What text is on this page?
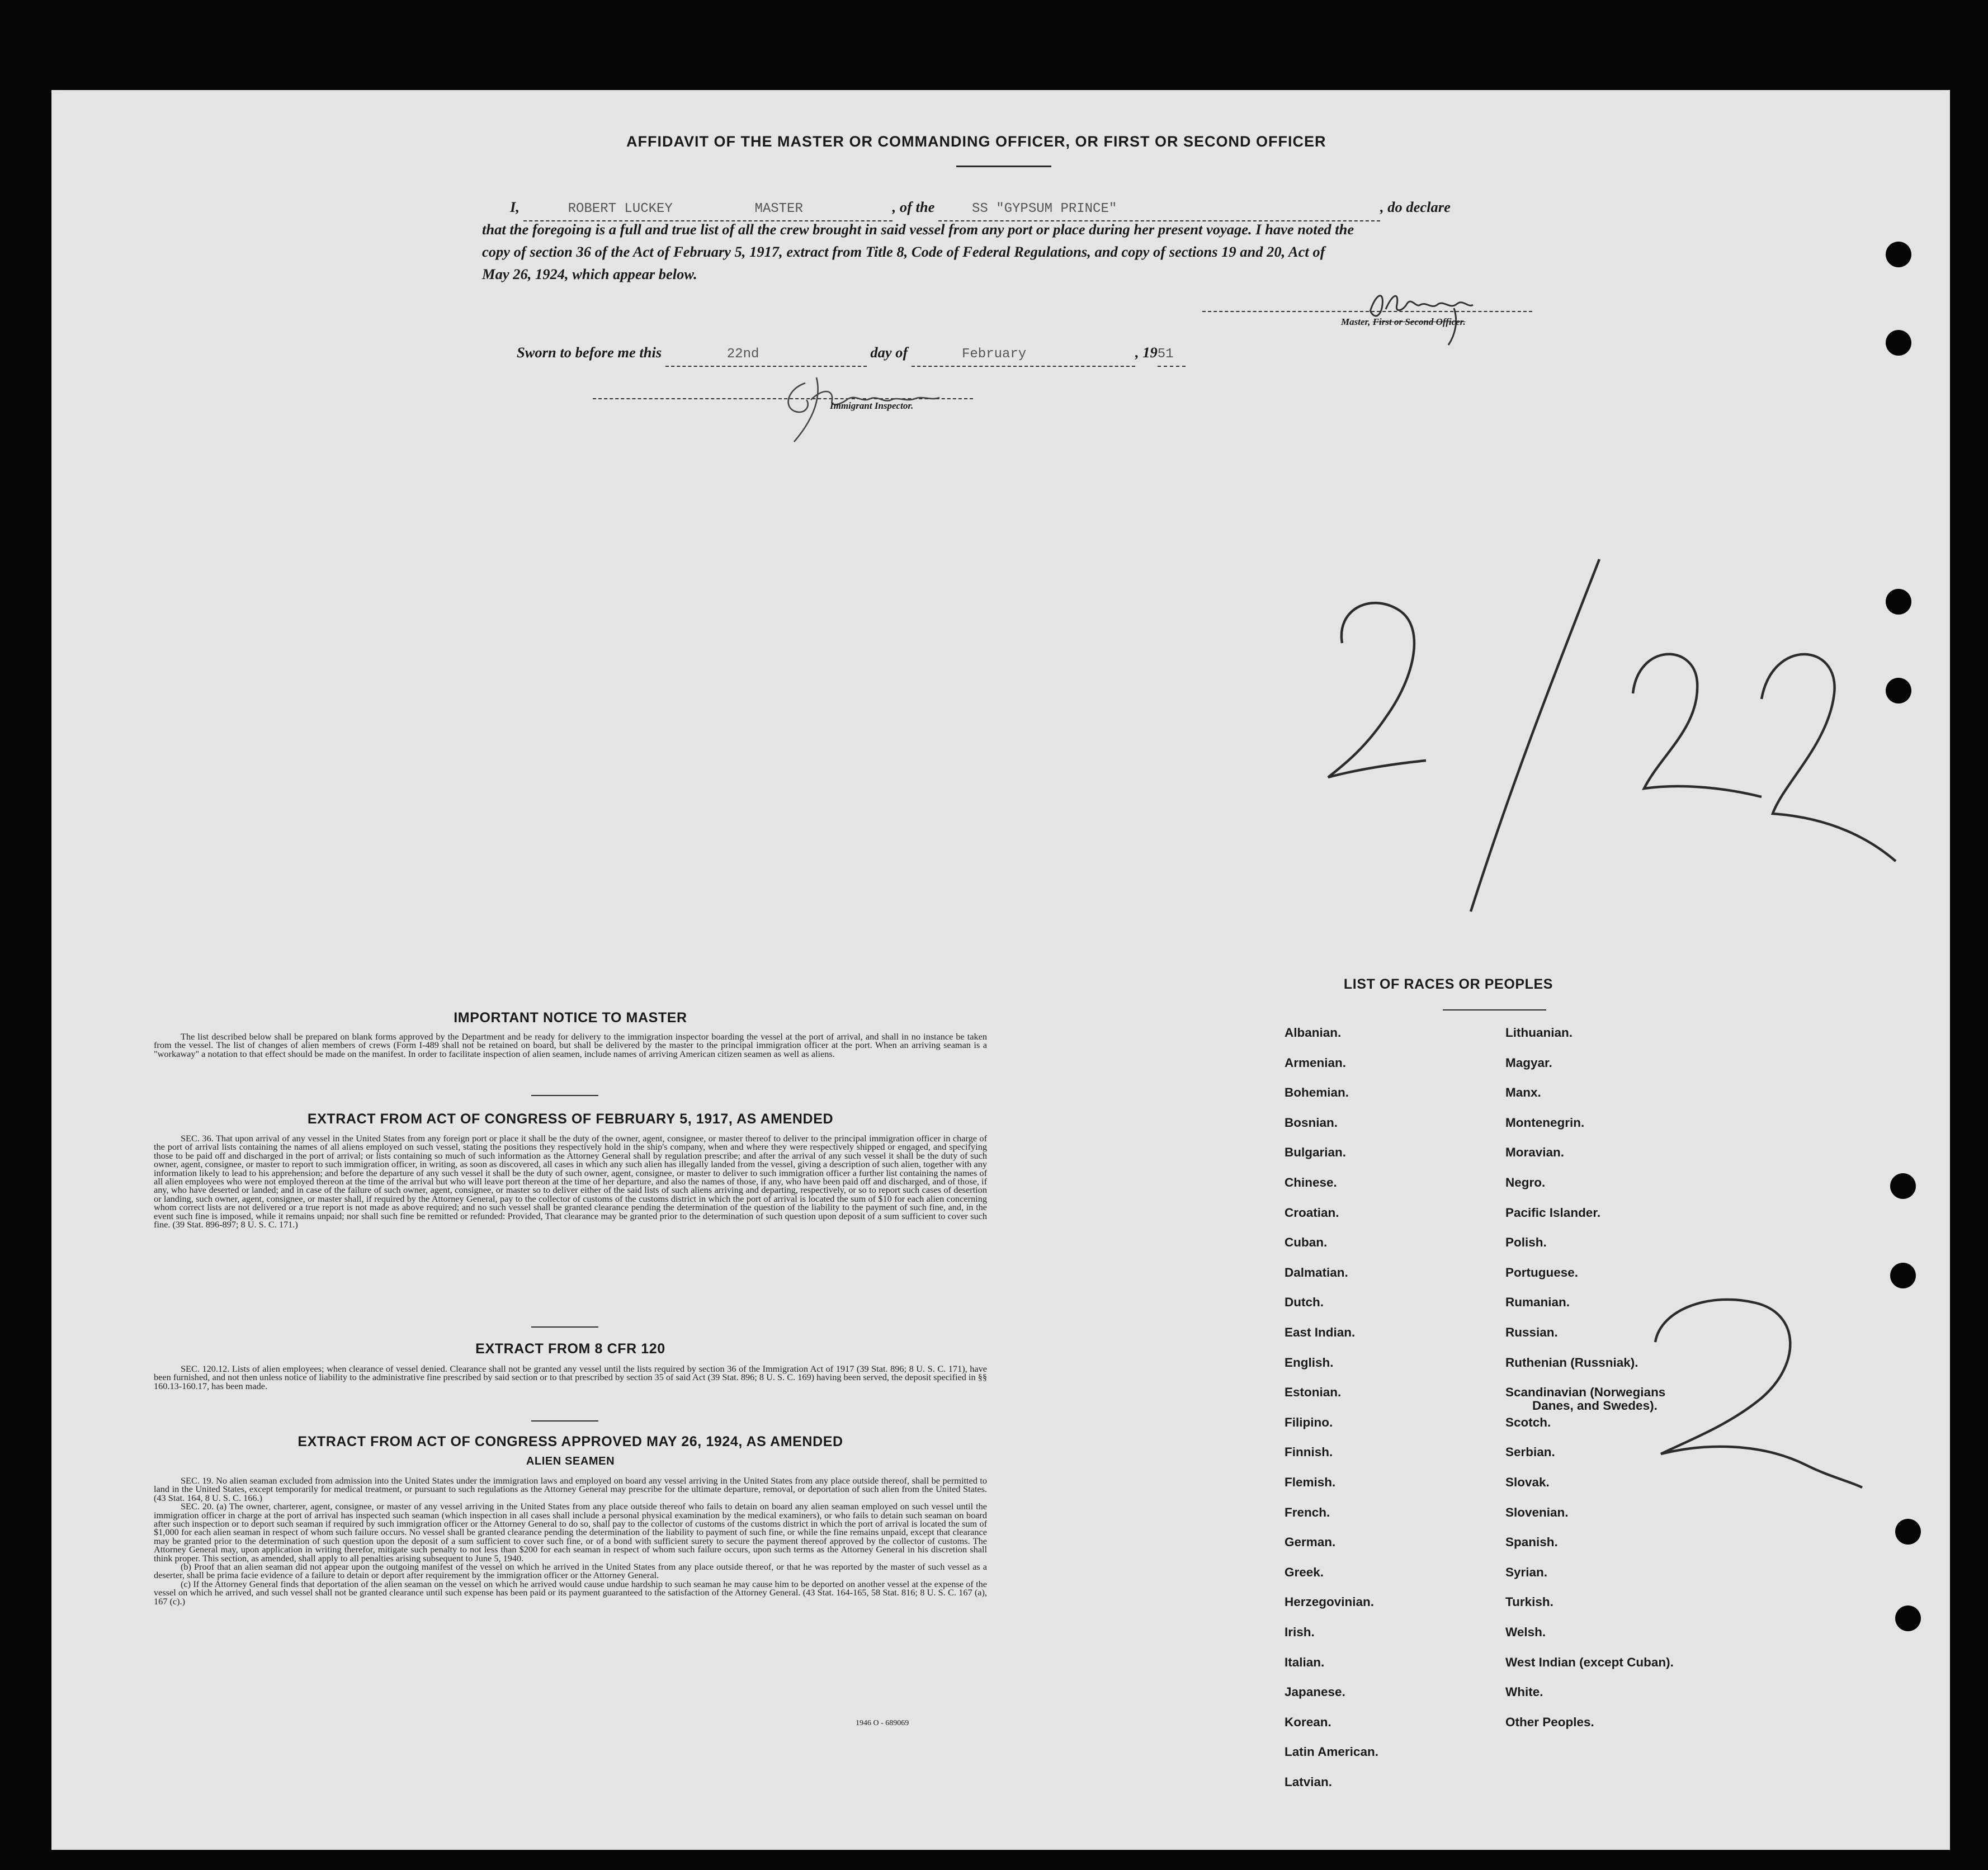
AFFIDAVIT OF THE MASTER OR COMMANDING OFFICER, OR FIRST OR SECOND OFFICER
I,	ROBERT LUCKEY	MASTER	, of the	SS "GYPSUM PRINCE"	, do declare
that the foregoing is a full and true list of all the crew brought in said vessel from any port or place during her present voyage. I have noted the
copy of section 36 of the Act of February 5, 1917, extract from Title 8, Code of Federal Regulations, and copy of sections 19 and 20, Act of
May 26, 1924, which appear below.
Master, First or Second Officer.
Sworn to before me this	22nd	day of	February	, 1951
Immigrant Inspector.
IMPORTANT NOTICE TO MASTER

The list described below shall be prepared on blank forms approved by the Department and be ready for delivery to the immigration inspector boarding the vessel at the port of arrival, and shall in no instance be taken from the vessel. The list of changes of alien members of crews (Form I-489 shall not be retained on board, but shall be delivered by the master to the principal immigration officer at the port. When an arriving seaman is a "workaway" a notation to that effect should be made on the manifest. In order to facilitate inspection of alien seamen, include names of arriving American citizen seamen as well as aliens.

EXTRACT FROM ACT OF CONGRESS OF FEBRUARY 5, 1917, AS AMENDED

SEC. 36. That upon arrival of any vessel in the United States from any foreign port or place it shall be the duty of the owner, agent, consignee, or master thereof to deliver to the principal immigration officer in charge of the port of arrival lists containing the names of all aliens employed on such vessel, stating the positions they respectively hold in the ship's company, when and where they were respectively shipped or engaged, and specifying those to be paid off and discharged in the port of arrival; or lists containing so much of such information as the Attorney General shall by regulation prescribe; and after the arrival of any such vessel it shall be the duty of such owner, agent, consignee, or master to report to such immigration officer, in writing, as soon as discovered, all cases in which any such alien has illegally landed from the vessel, giving a description of such alien, together with any information likely to lead to his apprehension; and before the departure of any such vessel it shall be the duty of such owner, agent, consignee, or master to deliver to such immigration officer a further list containing the names of all alien employees who were not employed thereon at the time of the arrival but who will leave port thereon at the time of her departure, and also the names of those, if any, who have been paid off and discharged, and of those, if any, who have deserted or landed; and in case of the failure of such owner, agent, consignee, or master so to deliver either of the said lists of such aliens arriving and departing, respectively, or so to report such cases of desertion or landing, such owner, agent, consignee, or master shall, if required by the Attorney General, pay to the collector of customs of the customs district in which the port of arrival is located the sum of $10 for each alien concerning whom correct lists are not delivered or a true report is not made as above required; and no such vessel shall be granted clearance pending the determination of the question of the liability to the payment of such fine, and, in the event such fine is imposed, while it remains unpaid; nor shall such fine be remitted or refunded: Provided, That clearance may be granted prior to the determination of such question upon deposit of a sum sufficient to cover such fine. (39 Stat. 896-897; 8 U. S. C. 171.)

EXTRACT FROM 8 CFR 120

SEC. 120.12. Lists of alien employees; when clearance of vessel denied. Clearance shall not be granted any vessel until the lists required by section 36 of the Immigration Act of 1917 (39 Stat. 896; 8 U. S. C. 171), have been furnished, and not then unless notice of liability to the administrative fine prescribed by said section or to that prescribed by section 35 of said Act (39 Stat. 896; 8 U. S. C. 169) having been served, the deposit specified in §§ 160.13-160.17, has been made.

EXTRACT FROM ACT OF CONGRESS APPROVED MAY 26, 1924, AS AMENDED
ALIEN SEAMEN

SEC. 19. No alien seaman excluded from admission into the United States under the immigration laws and employed on board any vessel arriving in the United States from any place outside thereof, shall be permitted to land in the United States, except temporarily for medical treatment, or pursuant to such regulations as the Attorney General may prescribe for the ultimate departure, removal, or deportation of such alien from the United States. (43 Stat. 164, 8 U. S. C. 166.)

SEC. 20. (a) The owner, charterer, agent, consignee, or master of any vessel arriving in the United States from any place outside thereof who fails to detain on board any alien seaman employed on such vessel until the immigration officer in charge at the port of arrival has inspected such seaman (which inspection in all cases shall include a personal physical examination by the medical examiners), or who fails to detain such seaman on board after such inspection or to deport such seaman if required by such immigration officer or the Attorney General to do so, shall pay to the collector of customs of the customs district in which the port of arrival is located the sum of $1,000 for each alien seaman in respect of whom such failure occurs. No vessel shall be granted clearance pending the determination of the liability to payment of such fine, or while the fine remains unpaid, except that clearance may be granted prior to the determination of such question upon the deposit of a sum sufficient to cover such fine, or of a bond with sufficient surety to secure the payment thereof approved by the collector of customs. The Attorney General may, upon application in writing therefor, mitigate such penalty to not less than $200 for each seaman in respect of whom such failure occurs, upon such terms as the Attorney General in his discretion shall think proper. This section, as amended, shall apply to all penalties arising subsequent to June 5, 1940.

(b) Proof that an alien seaman did not appear upon the outgoing manifest of the vessel on which he arrived in the United States from any place outside thereof, or that he was reported by the master of such vessel as a deserter, shall be prima facie evidence of a failure to detain or deport after requirement by the immigration officer or the Attorney General.

(c) If the Attorney General finds that deportation of the alien seaman on the vessel on which he arrived would cause undue hardship to such seaman he may cause him to be deported on another vessel at the expense of the vessel on which he arrived, and such vessel shall not be granted clearance until such expense has been paid or its payment guaranteed to the satisfaction of the Attorney General. (43 Stat. 164-165, 58 Stat. 816; 8 U. S. C. 167 (a), 167 (c).)

1946 O - 689069
LIST OF RACES OR PEOPLES
Albanian.
Armenian.
Bohemian.
Bosnian.
Bulgarian.
Chinese.
Croatian.
Cuban.
Dalmatian.
Dutch.
East Indian.
English.
Estonian.
Filipino.
Finnish.
Flemish.
French.
German.
Greek.
Herzegovinian.
Irish.
Italian.
Japanese.
Korean.
Latin American.
Latvian.
Lithuanian.
Magyar.
Manx.
Montenegrin.
Moravian.
Negro.
Pacific Islander.
Polish.
Portuguese.
Rumanian.
Russian.
Ruthenian (Russniak).
Scandinavian (Norwegians
Danes, and Swedes).
Scotch.
Serbian.
Slovak.
Slovenian.
Spanish.
Syrian.
Turkish.
Welsh.
West Indian (except Cuban).
White.
Other Peoples.
